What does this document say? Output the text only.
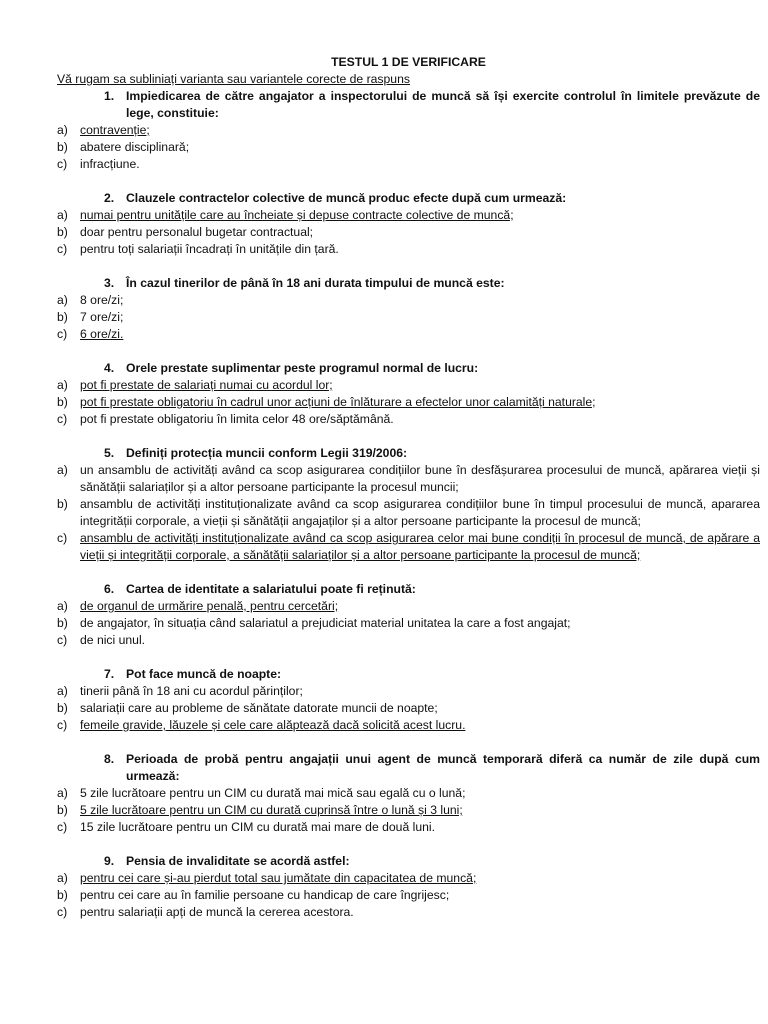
TESTUL 1 DE VERIFICARE

Vă rugam sa subliniați varianta sau variantele corecte de raspuns

1. Impiedicarea de către angajator a inspectorului de muncă să își exercite controlul în limitele prevăzute de lege, constituie:
a) contravenție;
b) abatere disciplinară;
c)	infracțiune.
2. Clauzele contractelor colective de muncă produc efecte după cum urmează:
a) numai pentru unitățile care au încheiate și depuse contracte colective de muncă;
b) doar pentru personalul bugetar contractual;
c)	pentru toți salariații încadrați în unitățile din țară.
3. În cazul tinerilor de până în 18 ani durata timpului de muncă este:
a) 8 ore/zi;
b) 7 ore/zi;
c)	6 ore/zi.
4. Orele prestate suplimentar peste programul normal de lucru:
a) pot fi prestate de salariați numai cu acordul lor;
b) pot fi prestate obligatoriu în cadrul unor acțiuni de înlăturare a efectelor unor calamități naturale;
c)	pot fi prestate obligatoriu în limita celor 48 ore/săptămână.
5. Definiți protecția muncii conform Legii 319/2006:
a) un ansamblu de activități având ca scop asigurarea condițiilor bune în desfășurarea procesului de muncă, apărarea vieții și sănătății salariaților și a altor persoane participante la procesul muncii;
b) ansamblu de activități instituționalizate având ca scop asigurarea condițiilor bune în timpul procesului de muncă, apararea integrității corporale, a vieții și sănătății angajaților și a altor persoane participante la procesul de muncă;
c)	ansamblu de activități instituționalizate având ca scop asigurarea celor mai bune condiții în procesul de muncă, de apărare a vieții și integrității corporale, a sănătății salariaților și a altor persoane participante la procesul de muncă;
6. Cartea de identitate a salariatului poate fi reținută:
a) de organul de urmărire penală, pentru cercetări;
b) de angajator, în situația când salariatul a prejudiciat material unitatea la care a fost angajat;
c)	de nici unul.
7. Pot face muncă de noapte:
a) tinerii până în 18 ani cu acordul părinților;
b) salariații care au probleme de sănătate datorate muncii de noapte;
c)	femeile gravide, lăuzele și cele care alăptează dacă solicită acest lucru.
8. Perioada de probă pentru angajații unui agent de muncă temporară diferă ca număr de zile după cum urmează:
a) 5 zile lucrătoare pentru un CIM cu durată mai mică sau egală cu o lună;
b) 5 zile lucrătoare pentru un CIM cu durată cuprinsă între o lună și 3 luni;
c)	15 zile lucrătoare pentru un CIM cu durată mai mare de două luni.
9. Pensia de invaliditate se acordă astfel:
a) pentru cei care și-au pierdut total sau jumătate din capacitatea de muncă;
b) pentru cei care au în familie persoane cu handicap de care îngrijesc;
c)	pentru salariații apți de muncă la cererea acestora.
